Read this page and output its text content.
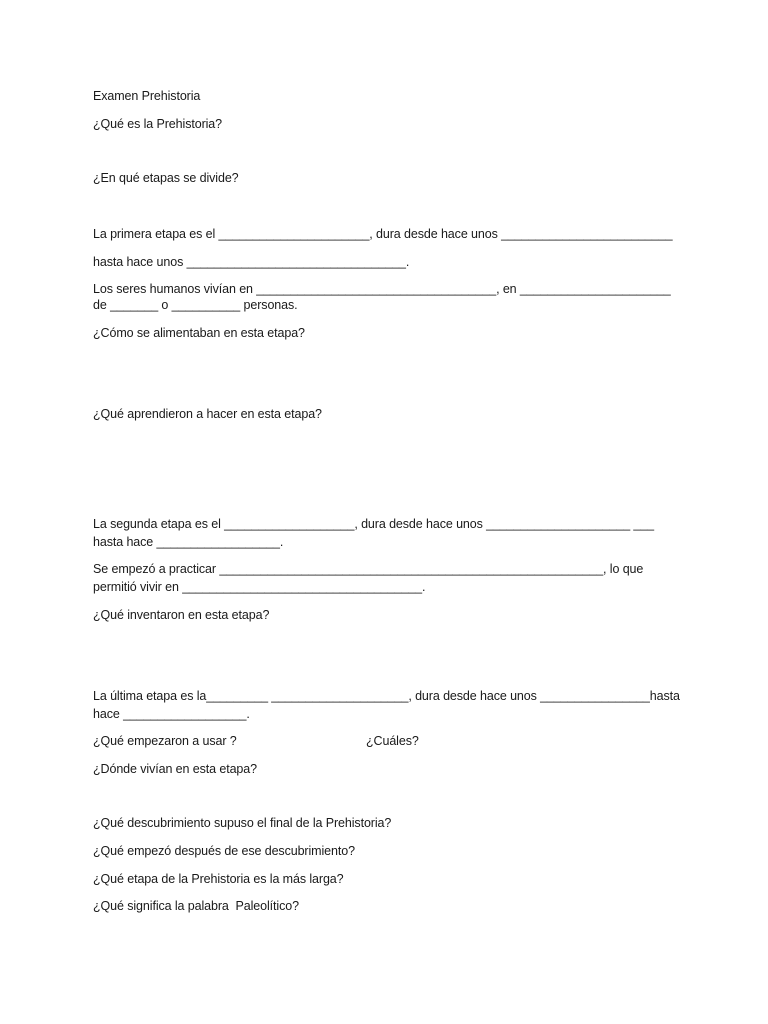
Examen Prehistoria
¿Qué es la Prehistoria?
¿En qué etapas se divide?
La primera etapa es el ______________________, dura desde hace unos _________________________
hasta hace unos ________________________________.
Los seres humanos vivían en ___________________________________, en ______________________
de _______ o __________ personas.
¿Cómo se alimentaban en esta etapa?
¿Qué aprendieron a hacer en esta etapa?
La segunda etapa es el ___________________, dura desde hace unos _____________________ ___
hasta hace __________________.
Se empezó a practicar ________________________________________________________, lo que
permitió vivir en ___________________________________.
¿Qué inventaron en esta etapa?
La última etapa es la_________ ____________________, dura desde hace unos ________________hasta
hace __________________.
¿Qué empezaron a usar ?	¿Cuáles?
¿Dónde vivían en esta etapa?
¿Qué descubrimiento supuso el final de la Prehistoria?
¿Qué empezó después de ese descubrimiento?
¿Qué etapa de la Prehistoria es la más larga?
¿Qué significa la palabra  Paleolítico?
